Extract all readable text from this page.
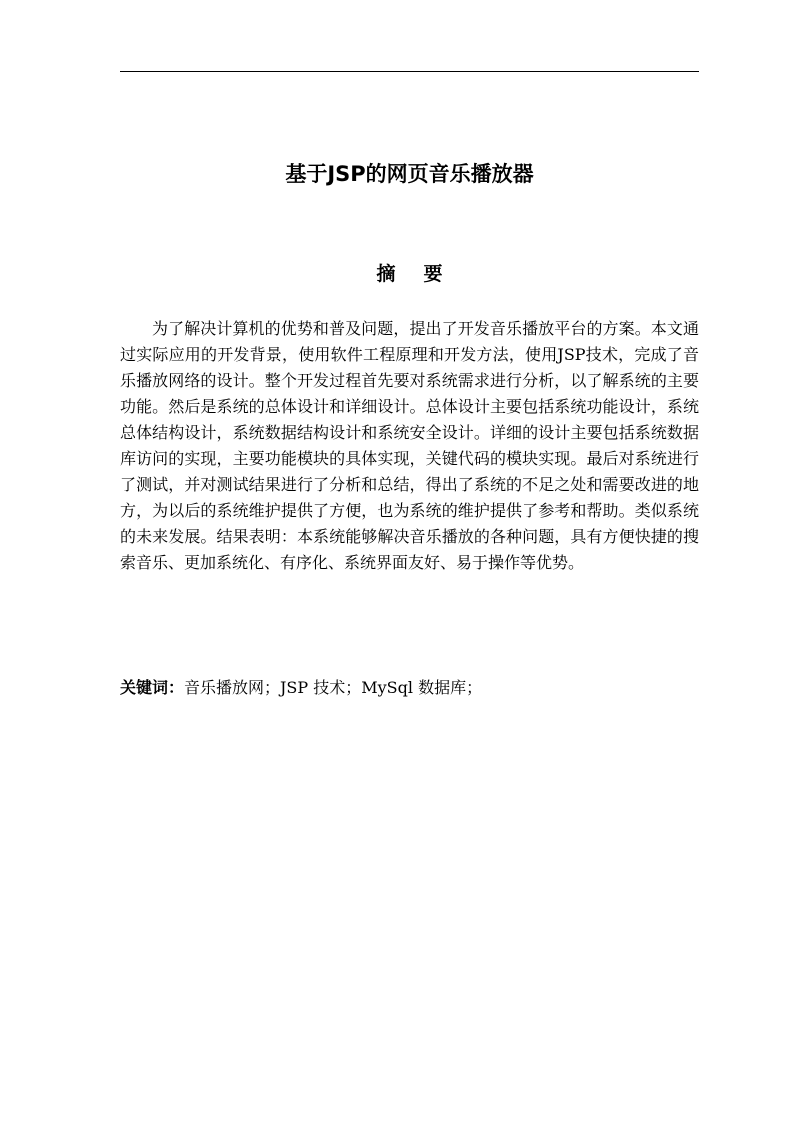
基于JSP的网页音乐播放器
摘要

为了解决计算机的优势和普及问题，提出了开发音乐播放平台的方案。本文通过实际应用的开发背景，使用软件工程原理和开发方法，使用JSP技术，完成了音乐播放网络的设计。整个开发过程首先要对系统需求进行分析，以了解系统的主要功能。然后是系统的总体设计和详细设计。总体设计主要包括系统功能设计，系统总体结构设计，系统数据结构设计和系统安全设计。详细的设计主要包括系统数据库访问的实现，主要功能模块的具体实现，关键代码的模块实现。最后对系统进行了测试，并对测试结果进行了分析和总结，得出了系统的不足之处和需要改进的地方，为以后的系统维护提供了方便，也为系统的维护提供了参考和帮助。类似系统的未来发展。结果表明：本系统能够解决音乐播放的各种问题，具有方便快捷的搜索音乐、更加系统化、有序化、系统界面友好、易于操作等优势。

关键词：音乐播放网；JSP 技术；MySql 数据库；
